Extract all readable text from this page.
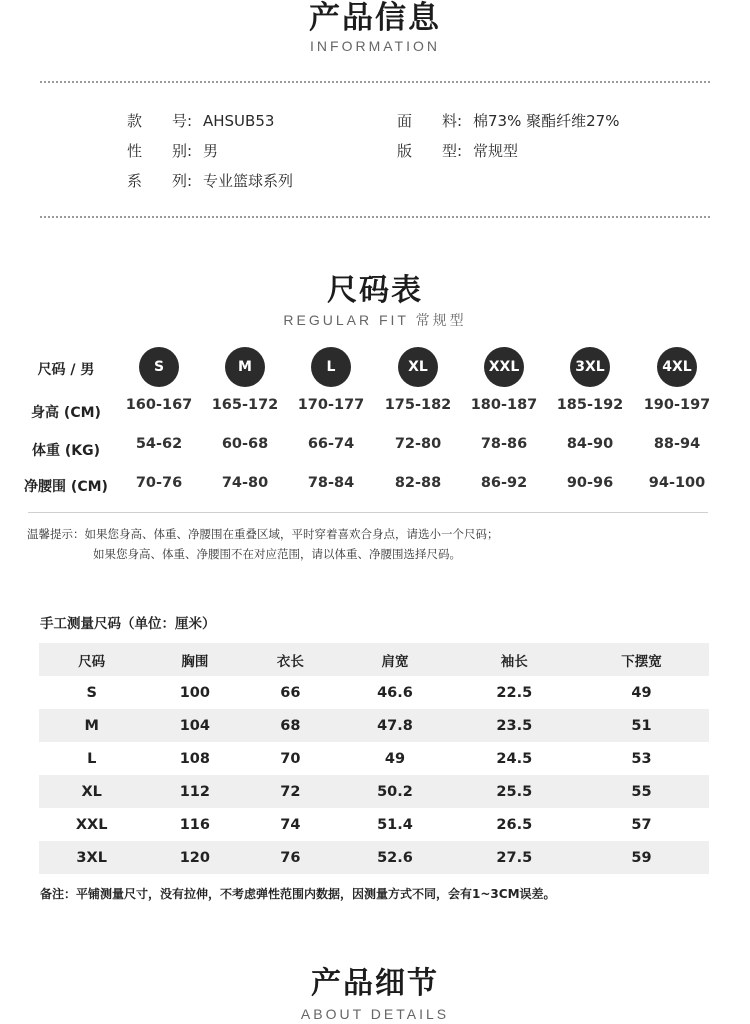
产品信息
INFORMATION
款　　号: AHSUB53	面　　料: 棉73% 聚酯纤维27%
性　　别: 男	版　　型: 常规型
系　　列: 专业篮球系列
尺码表
REGULAR FIT 常规型
尺码 / 男	S	M	L	XL	XXL	3XL	4XL
身高 (CM)	160-167	165-172	170-177	175-182	180-187	185-192	190-197
体重 (KG)	54-62	60-68	66-74	72-80	78-86	84-90	88-94
净腰围 (CM)	70-76	74-80	78-84	82-88	86-92	90-96	94-100
温馨提示：如果您身高、体重、净腰围在重叠区域，平时穿着喜欢合身点，请选小一个尺码；
如果您身高、体重、净腰围不在对应范围，请以体重、净腰围选择尺码。
手工测量尺码（单位：厘米）
尺码	胸围	衣长	肩宽	袖长	下摆宽
S	100	66	46.6	22.5	49
M	104	68	47.8	23.5	51
L	108	70	49	24.5	53
XL	112	72	50.2	25.5	55
XXL	116	74	51.4	26.5	57
3XL	120	76	52.6	27.5	59
备注：平铺测量尺寸，没有拉伸，不考虑弹性范围内数据，因测量方式不同，会有1~3CM误差。
产品细节
ABOUT DETAILS
